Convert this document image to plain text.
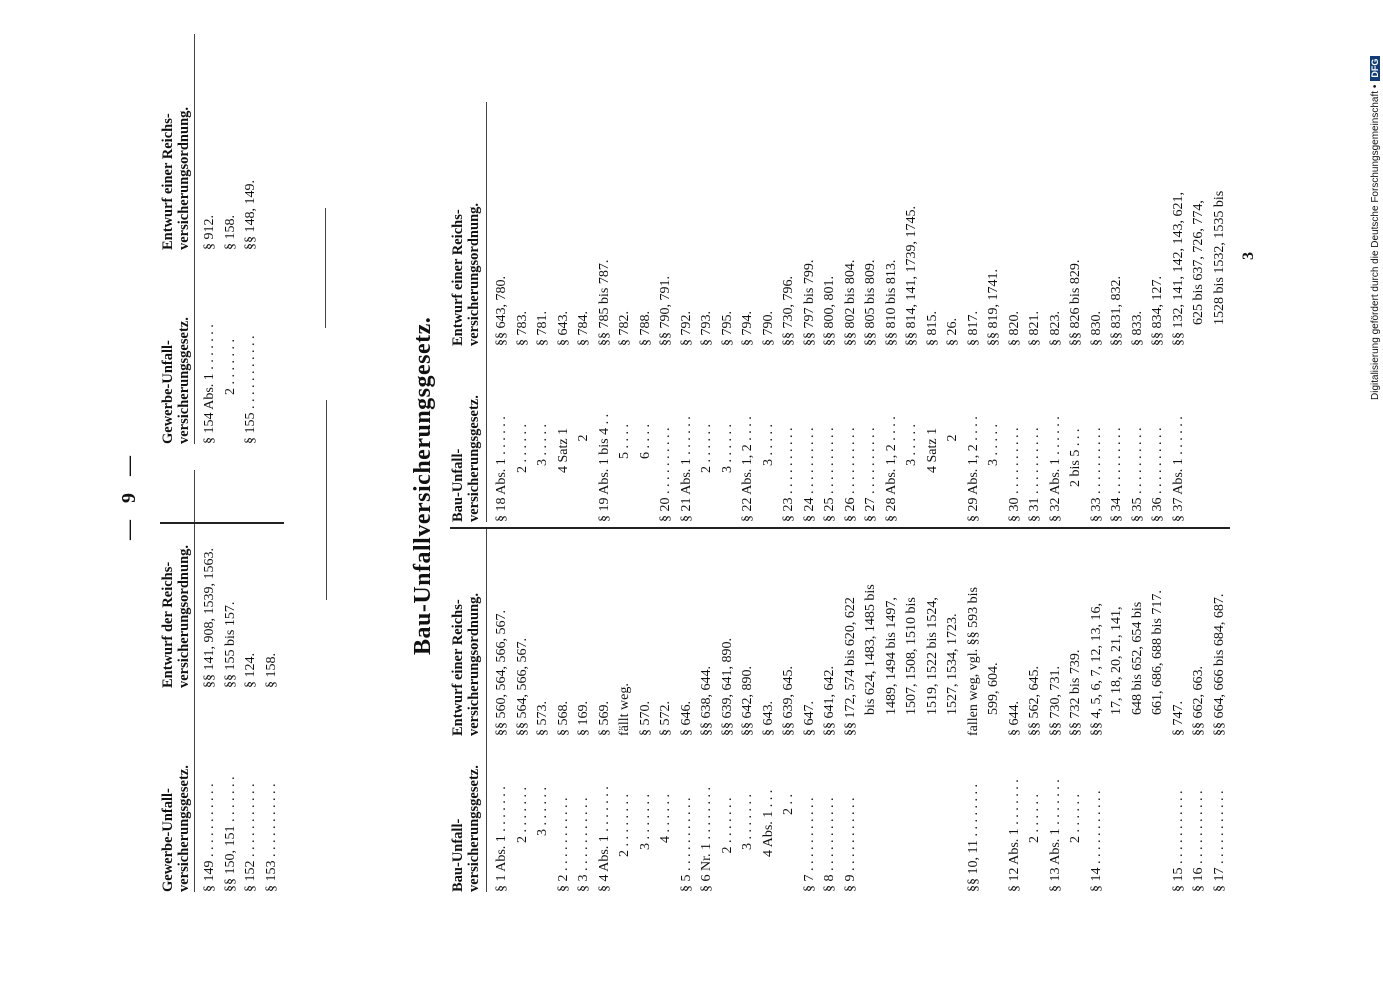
— 9 —
Gewerbe-Unfall-
versicherungsgesetz.
Entwurf der Reichs-
versicherungsordnung.
Gewerbe-Unfall-
versicherungsgesetz.
Entwurf einer Reichs-
versicherungsordnung.
§ 149 . . . . . . . . . . .
§§ 141, 908, 1539, 1563.
§§ 150, 151 . . . . . . .
§§ 155 bis 157.
§ 152 . . . . . . . . . . .
§ 124.
§ 153 . . . . . . . . . . .
§ 158.
§ 154 Abs. 1 . . . . . . .
§ 912.
2 . . . . . . .
§ 158.
§ 155 . . . . . . . . . . .
§§ 148, 149.
Bau-Unfallversicherungsgesetz.
Bau-Unfall-
versicherungsgesetz.
Entwurf einer Reichs-
versicherungsordnung.
Bau-Unfall-
versicherungsgesetz.
Entwurf einer Reichs-
versicherungsordnung.
§ 1 Abs. 1 . . . . . . .
§§ 560, 564, 566, 567.
2 . . . . . . .
§§ 564, 566, 567.
3 . . . . . .
§ 573.
§ 2 . . . . . . . . . . .
§ 568.
§ 3 . . . . . . . . . . .
§ 169.
§ 4 Abs. 1 . . . . . . .
§ 569.
2 . . . . . . . .
fällt weg.
3 . . . . . . .
§ 570.
4 . . . . . .
§ 572.
§ 5 . . . . . . . . . . .
§ 646.
§ 6 Nr. 1 . . . . . . . .
§§ 638, 644.
2 . . . . . . .
§§ 639, 641, 890.
3 . . . . . . .
§§ 642, 890.
4 Abs. 1 . . .
§ 643.
2 . .
§§ 639, 645.
§ 7 . . . . . . . . . . .
§ 647.
§ 8 . . . . . . . . . . .
§§ 641, 642.
§ 9 . . . . . . . . . . .
§§ 172, 574 bis 620, 622 bis 624, 1483, 1485 bis 1489, 1494 bis 1497, 1507, 1508, 1510 bis 1519, 1522 bis 1524, 1527, 1534, 1723.
§§ 10, 11 . . . . . . . .
fallen weg, vgl. §§ 593 bis 599, 604.
§ 12 Abs. 1 . . . . . . .
§ 644.
2 . . . . . .
§§ 562, 645.
§ 13 Abs. 1 . . . . . . .
§§ 730, 731.
2 . . . . . .
§§ 732 bis 739.
§ 14 . . . . . . . . . . .
§§ 4, 5, 6, 7, 12, 13, 16, 17, 18, 20, 21, 141, 648 bis 652, 654 bis 661, 686, 688 bis 717.
§ 15 . . . . . . . . . . .
§ 747.
§ 16 . . . . . . . . . . .
§§ 662, 663.
§ 17 . . . . . . . . . . .
§§ 664, 666 bis 684, 687.
§ 18 Abs. 1 . . . . . .
§§ 643, 780.
2 . . . . . .
§ 783.
3 . . . . .
§ 781.
4 Satz 1
§ 643.
2
§ 784.
§ 19 Abs. 1 bis 4 . .
§§ 785 bis 787.
5 . . . .
§ 782.
6 . . . .
§ 788.
§ 20 . . . . . . . . . .
§§ 790, 791.
§ 21 Abs. 1 . . . . . .
§ 792.
2 . . . . . .
§ 793.
3 . . . . . .
§ 795.
§ 22 Abs. 1, 2 . . . .
§ 794.
3 . . . . .
§ 790.
§ 23 . . . . . . . . . .
§§ 730, 796.
§ 24 . . . . . . . . . .
§§ 797 bis 799.
§ 25 . . . . . . . . . .
§§ 800, 801.
§ 26 . . . . . . . . . .
§§ 802 bis 804.
§ 27 . . . . . . . . . .
§§ 805 bis 809.
§ 28 Abs. 1, 2 . . . .
§§ 810 bis 813.
3 . . . . .
§§ 814, 141, 1739, 1745.
4 Satz 1
§ 815.
2
§ 26.
§ 29 Abs. 1, 2 . . . .
§ 817.
3 . . . . .
§§ 819, 1741.
§ 30 . . . . . . . . . .
§ 820.
§ 31 . . . . . . . . . .
§ 821.
§ 32 Abs. 1 . . . . . .
§ 823.
2 bis 5 . . .
§§ 826 bis 829.
§ 33 . . . . . . . . . .
§ 830.
§ 34 . . . . . . . . . .
§§ 831, 832.
§ 35 . . . . . . . . . .
§ 833.
§ 36 . . . . . . . . . .
§§ 834, 127.
§ 37 Abs. 1 . . . . . .
§§ 132, 141, 142, 143, 621, 625 bis 637, 726, 774, 1528 bis 1532, 1535 bis 3	Digitalisierung gefördert durch die Deutsche Forschungsgemeinschaft •DFG
